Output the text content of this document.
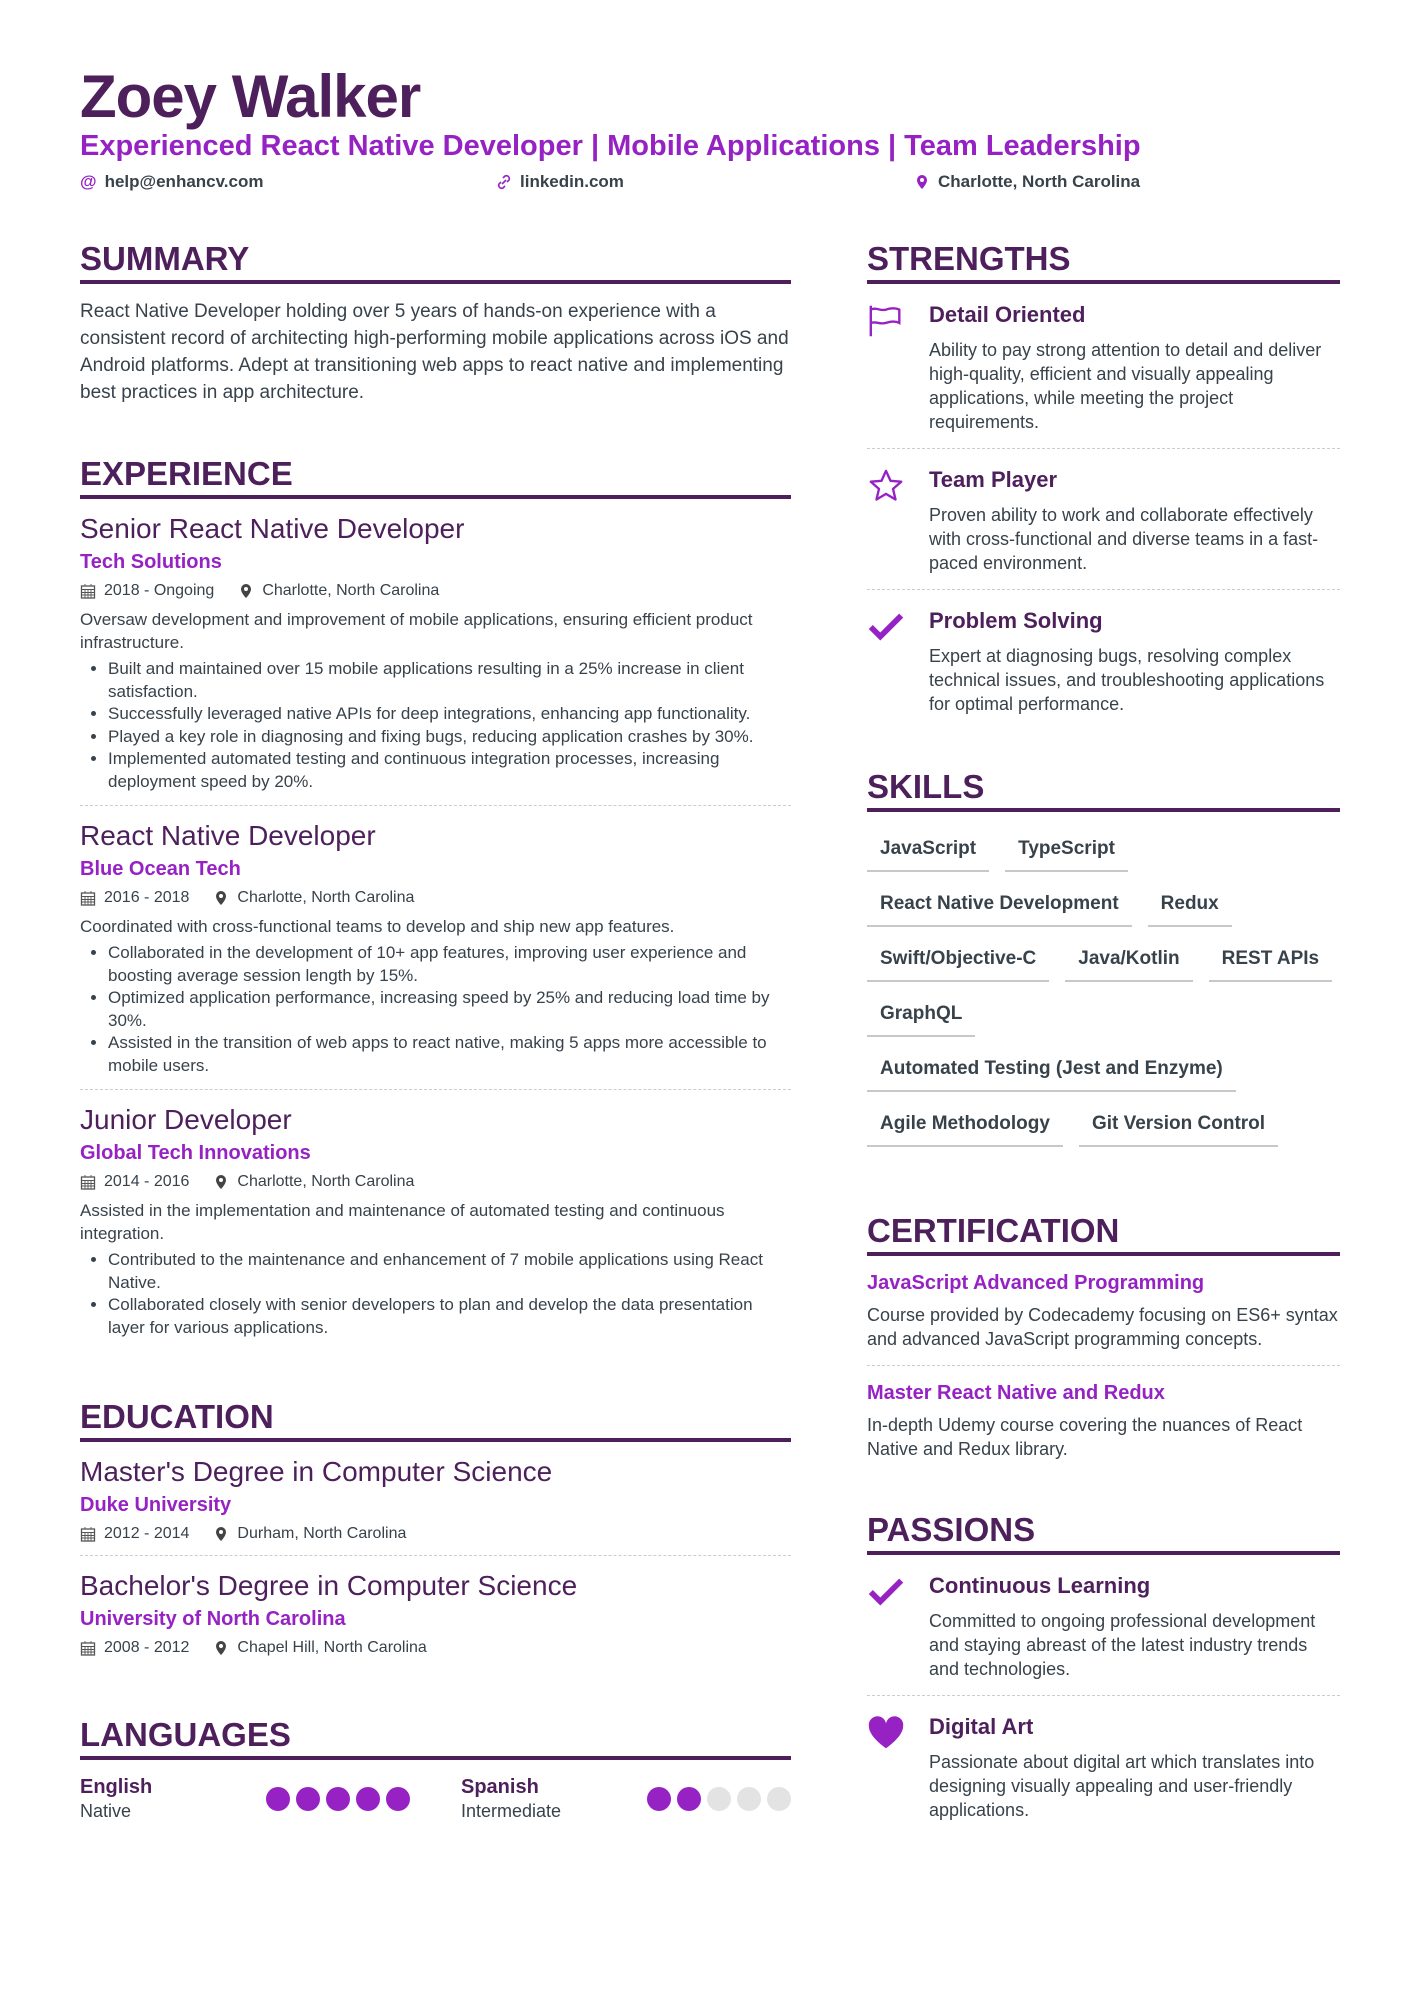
Zoey Walker
Experienced React Native Developer | Mobile Applications | Team Leadership
@ help@enhancv.com	linkedin.com	Charlotte, North Carolina
SUMMARY

React Native Developer holding over 5 years of hands-on experience with a consistent record of architecting high-performing mobile applications across iOS and Android platforms. Adept at transitioning web apps to react native and implementing best practices in app architecture.

EXPERIENCE
Senior React Native Developer
Tech Solutions
2018 - Ongoing	Charlotte, North Carolina

Oversaw development and improvement of mobile applications, ensuring efficient product infrastructure.

• Built and maintained over 15 mobile applications resulting in a 25% increase in client satisfaction.
• Successfully leveraged native APIs for deep integrations, enhancing app functionality.
• Played a key role in diagnosing and fixing bugs, reducing application crashes by 30%.
• Implemented automated testing and continuous integration processes, increasing deployment speed by 20%.
React Native Developer
Blue Ocean Tech
2016 - 2018	Charlotte, North Carolina

Coordinated with cross-functional teams to develop and ship new app features.

• Collaborated in the development of 10+ app features, improving user experience and boosting average session length by 15%.
• Optimized application performance, increasing speed by 25% and reducing load time by 30%.
• Assisted in the transition of web apps to react native, making 5 apps more accessible to mobile users.
Junior Developer
Global Tech Innovations
2014 - 2016	Charlotte, North Carolina

Assisted in the implementation and maintenance of automated testing and continuous integration.

• Contributed to the maintenance and enhancement of 7 mobile applications using React Native.
• Collaborated closely with senior developers to plan and develop the data presentation layer for various applications.
EDUCATION
Master's Degree in Computer Science
Duke University
2012 - 2014	Durham, North Carolina
Bachelor's Degree in Computer Science
University of North Carolina
2008 - 2012	Chapel Hill, North Carolina
LANGUAGES
English
Native
Spanish
Intermediate
STRENGTHS
Detail Oriented

Ability to pay strong attention to detail and deliver high-quality, efficient and visually appealing applications, while meeting the project requirements.

Team Player

Proven ability to work and collaborate effectively with cross-functional and diverse teams in a fast-paced environment.

Problem Solving

Expert at diagnosing bugs, resolving complex technical issues, and troubleshooting applications for optimal performance.

SKILLS
JavaScript	TypeScript
React Native Development	Redux
Swift/Objective-C	Java/Kotlin	REST APIs
GraphQL
Automated Testing (Jest and Enzyme)
Agile Methodology	Git Version Control
CERTIFICATION
JavaScript Advanced Programming

Course provided by Codecademy focusing on ES6+ syntax and advanced JavaScript programming concepts.

Master React Native and Redux

In-depth Udemy course covering the nuances of React Native and Redux library.

PASSIONS
Continuous Learning

Committed to ongoing professional development and staying abreast of the latest industry trends and technologies.

Digital Art

Passionate about digital art which translates into designing visually appealing and user-friendly applications.
